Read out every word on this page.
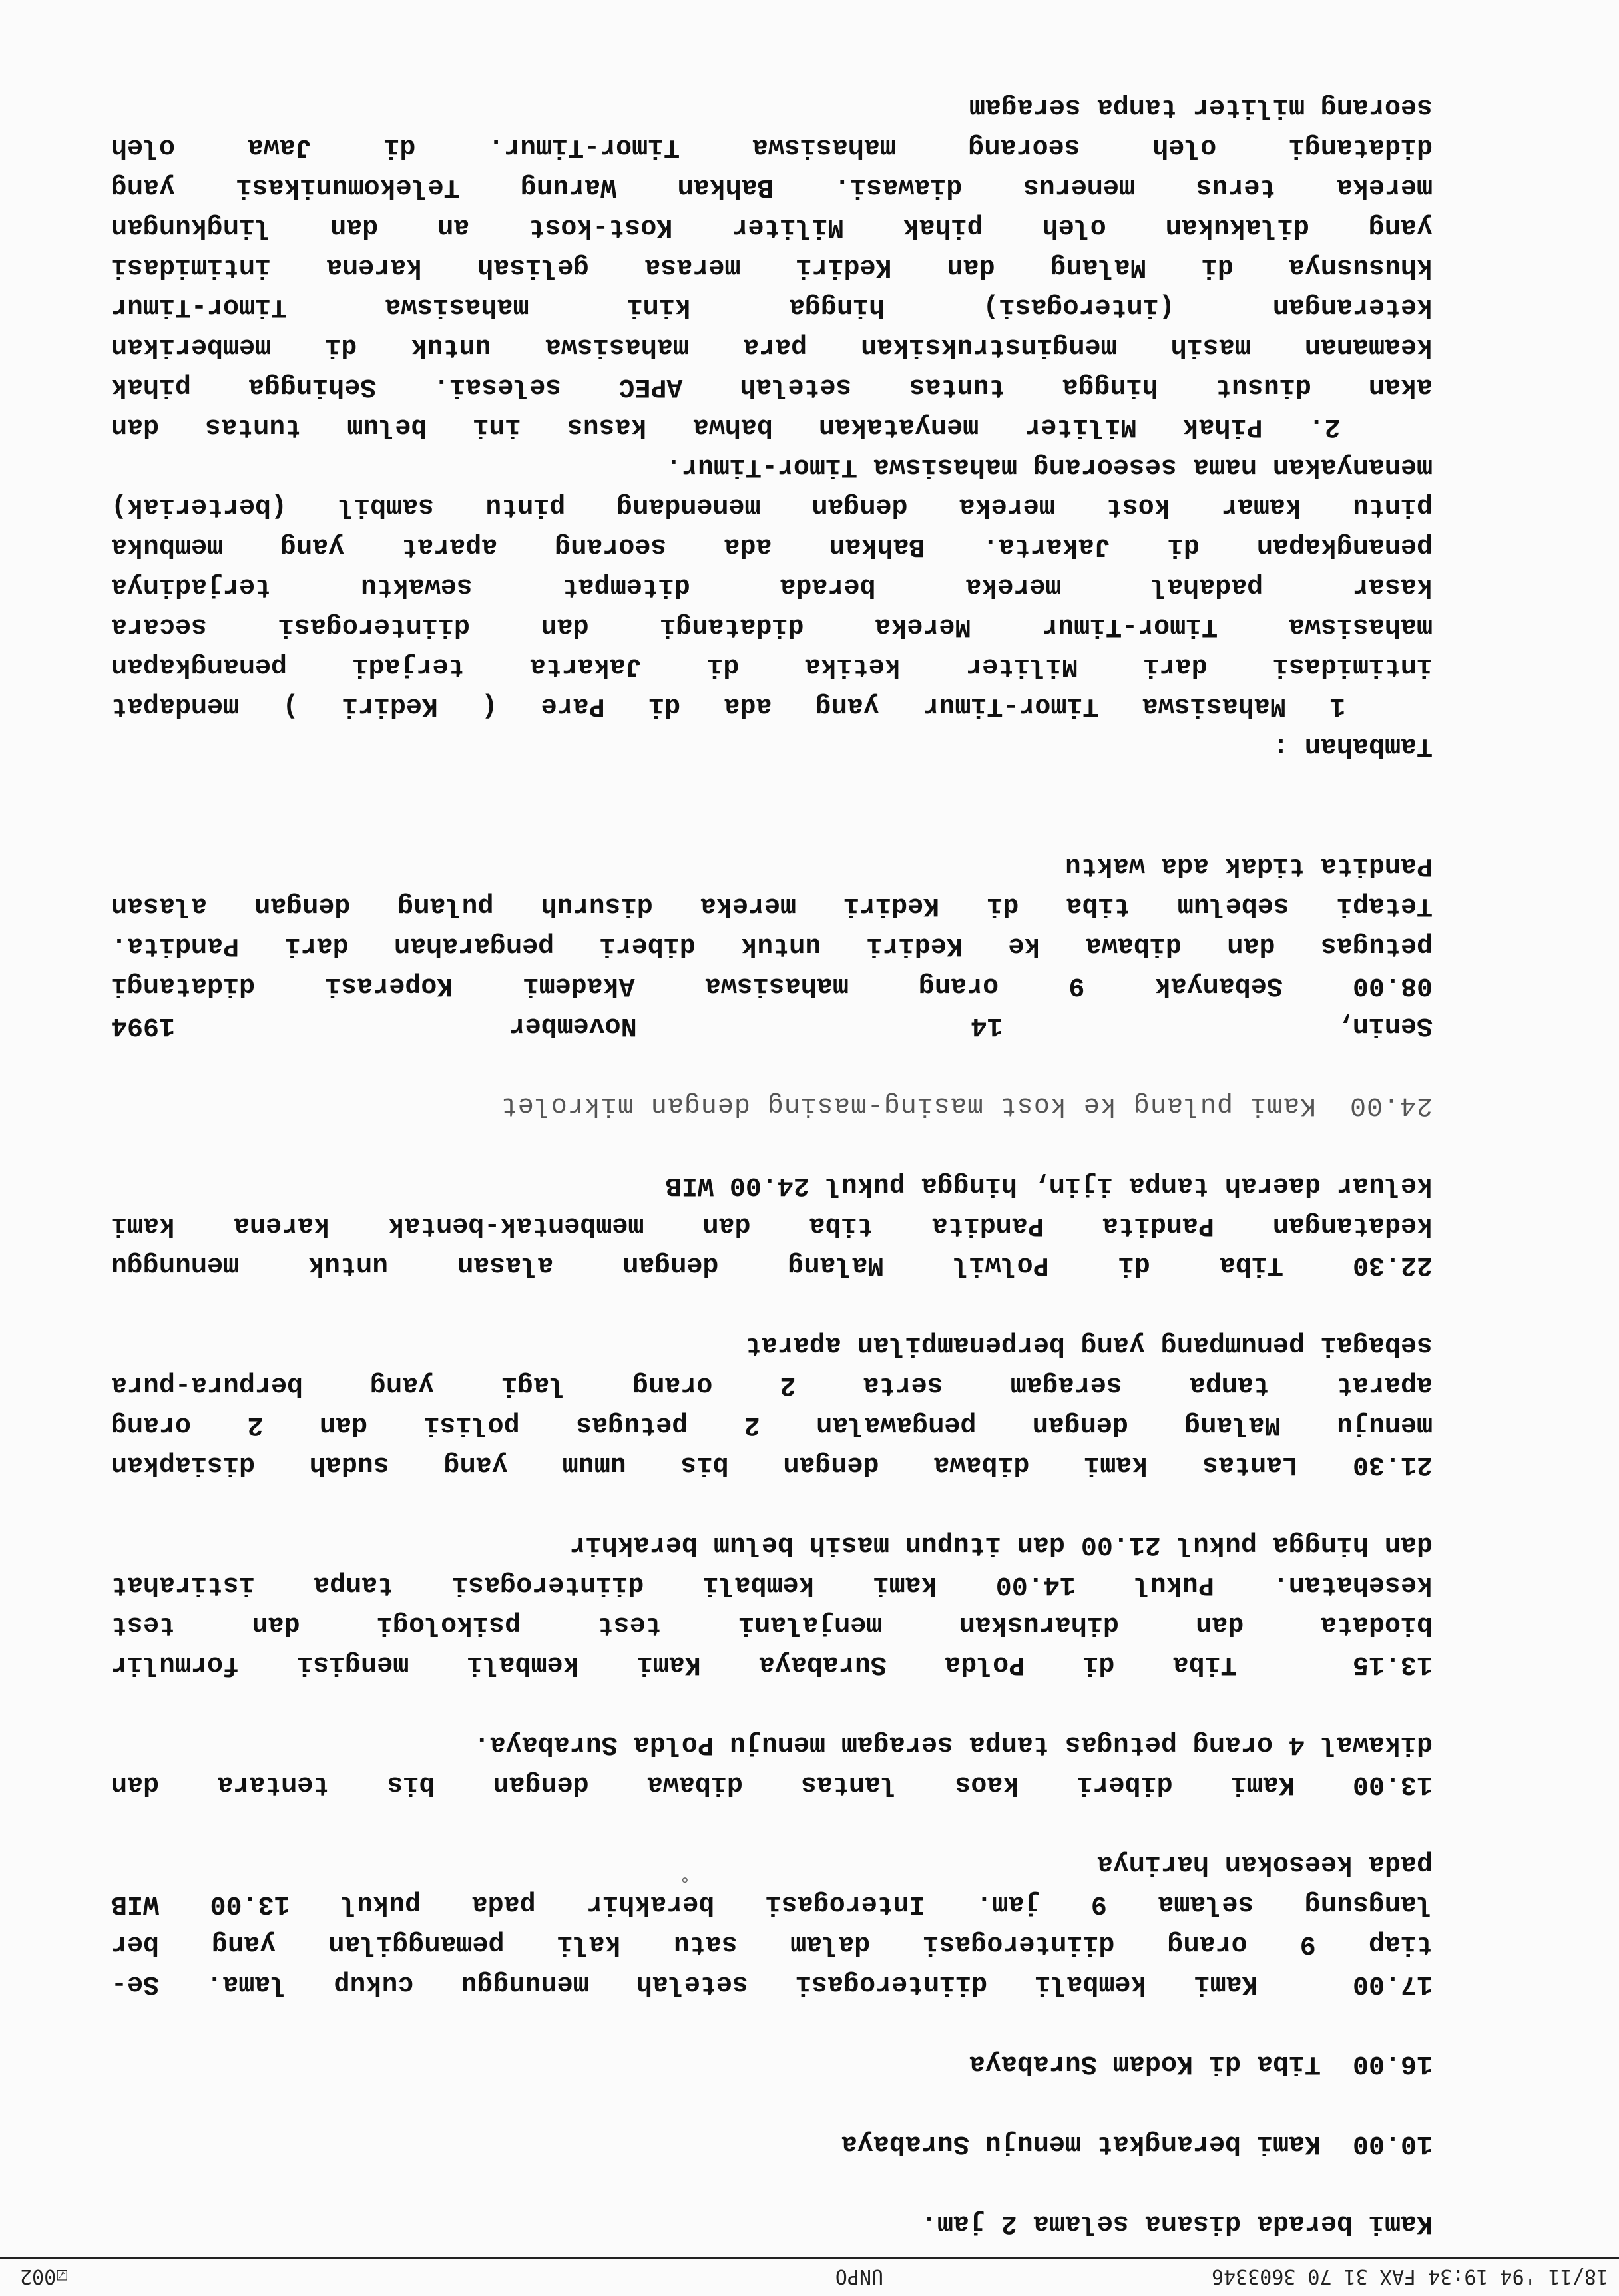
18/11 '94 19:34 FAX 31 70 3603346
UNPO
☑002
Kami berada disana selama 2 jam.
10.00  Kami berangkat menuju Surabaya
16.00  Tiba di Kodam Surabaya
17.00  Kami kembali diinterogasi setelah menunggu cukup lama. Se-
tiap 9 orang diinterogasi dalam satu kali pemanggilan yang ber
langsung selama 9 jam. Interogasi berakhir pada pukul 13.00 WIB
pada keesokan harinya
13.00 Kami diberi kaos lantas dibawa dengan bis tentara dan
dikawal 4 orang petugas tanpa seragam menuju Polda Surabaya.
13.15  Tiba di Polda Surabaya Kami kembali mengisi formulir
biodata dan diharuskan menjalani test psikologi dan test
kesehatan. Pukul 14.00 kami kembali diinterogasi tanpa istirahat
dan hingga pukul 21.00 dan itupun masih belum berakhir
21.30 Lantas kami dibawa dengan bis umum yang sudah disiapkan
menuju Malang dengan pengawalan 2 petugas polisi dan 2 orang
aparat tanpa seragam serta 2 orang lagi yang berpura-pura
sebagai penumpang yang berpenampilan aparat
22.30 Tiba di Polwil Malang dengan alasan untuk menunggu
kedatangan Pandita Pandita tiba dan membentak-bentak karena kami
keluar daerah tanpa ijin, hingga pukul 24.00 WIB
24.00  Kami pulang ke kost masing-masing dengan mikrolet
Senin, 14 November 1994
08.00 Sebanyak 9 orang mahasiswa Akademi Koperasi didatangi
petugas dan dibawa ke Kediri untuk diberi pengarahan dari Pandita.
Tetapi sebelum tiba di Kediri mereka disuruh pulang dengan alasan
Pandita tidak ada waktu
Tambahan :
1 Mahasiswa Timor-Timur yang ada di Pare ( Kediri ) mendapat
intimidasi dari Militer ketika di Jakarta terjadi penangkapan
mahasiswa Timor-Timur Mereka didatangi dan diinterogasi secara
kasar padahal mereka berada ditempat sewaktu terjadinya
penangkapan di Jakarta. Bahkan ada seorang aparat yang membuka
pintu kamar kost mereka dengan menendang pintu sambil (berteriak)
menanyakan nama seseorang mahasiswa Timor-Timur.
2. Pihak Militer menyatakan bahwa kasus ini belum tuntas dan
akan diusut hingga tuntas setelah APEC selesai. Sehingga pihak
keamanan masih menginstruksikan para mahasiswa untuk di memberikan
keterangan (interogasi) hingga kini mahasiswa Timor-Timur
khususnya di Malang dan Kediri merasa gelisah karena intimidasi
yang dilakukan oleh pihak Militer Kost-kost an dan lingkungan
mereka terus menerus diawasi. Bahkan Warung Telekomunikasi yang
didatangi oleh seorang mahasiswa Timor-Timur. di Jawa oleh
seorang militer tanpa seragam
∘
